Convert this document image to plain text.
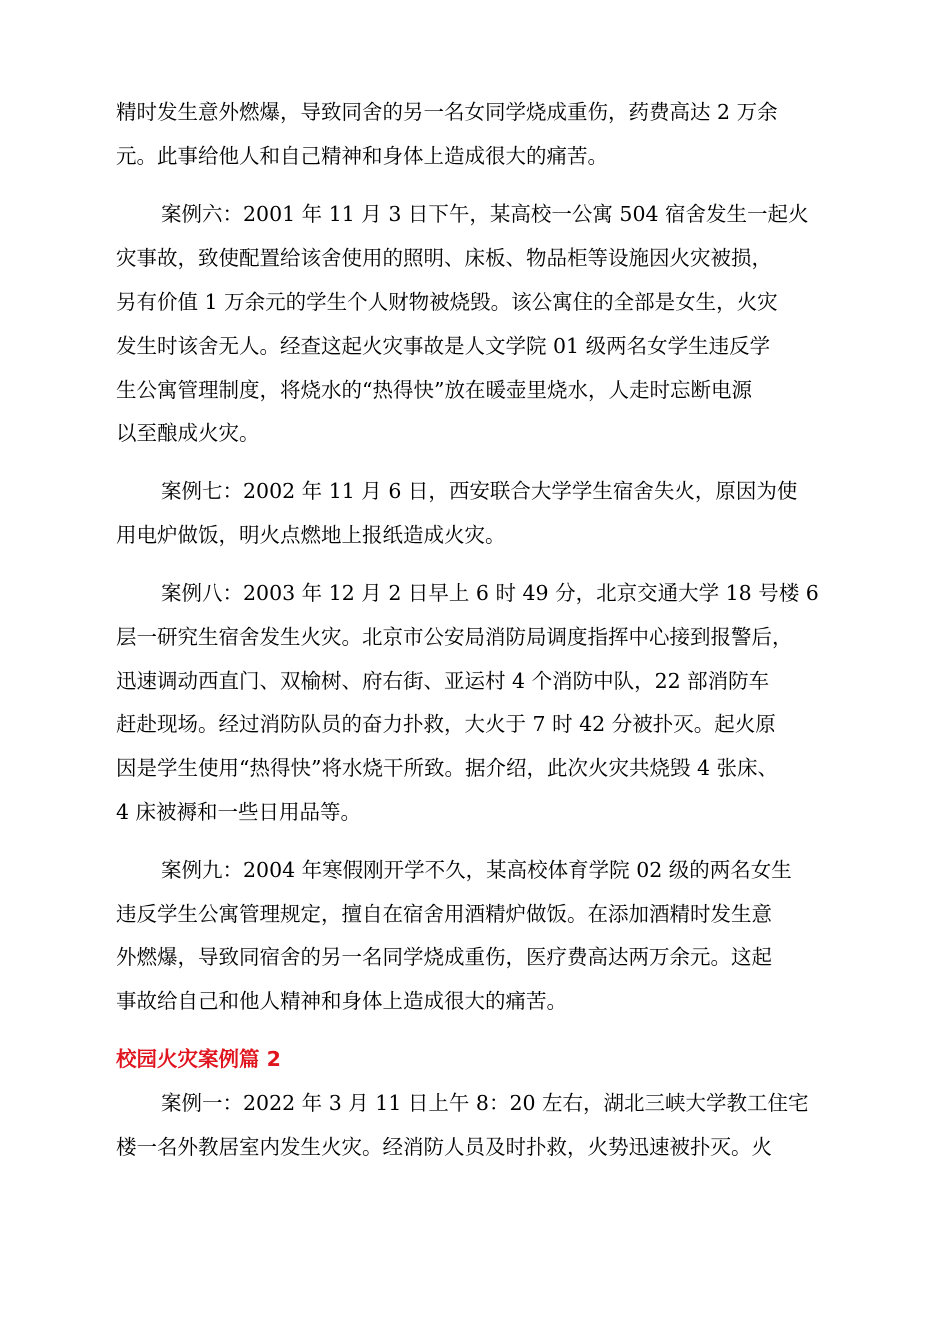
精时发生意外燃爆，导致同舍的另一名女同学烧成重伤，药费高达 2 万余

元。此事给他人和自己精神和身体上造成很大的痛苦。

案例六：2001 年 11 月 3 日下午，某高校一公寓 504 宿舍发生一起火

灾事故，致使配置给该舍使用的照明、床板、物品柜等设施因火灾被损，

另有价值 1 万余元的学生个人财物被烧毁。该公寓住的全部是女生，火灾

发生时该舍无人。经查这起火灾事故是人文学院 01 级两名女学生违反学

生公寓管理制度，将烧水的“热得快”放在暖壶里烧水，人走时忘断电源

以至酿成火灾。

案例七：2002 年 11 月 6 日，西安联合大学学生宿舍失火，原因为使

用电炉做饭，明火点燃地上报纸造成火灾。

案例八：2003 年 12 月 2 日早上 6 时 49 分，北京交通大学 18 号楼 6

层一研究生宿舍发生火灾。北京市公安局消防局调度指挥中心接到报警后，

迅速调动西直门、双榆树、府右街、亚运村 4 个消防中队，22 部消防车

赶赴现场。经过消防队员的奋力扑救，大火于 7 时 42 分被扑灭。起火原

因是学生使用“热得快”将水烧干所致。据介绍，此次火灾共烧毁 4 张床、

4 床被褥和一些日用品等。

案例九：2004 年寒假刚开学不久，某高校体育学院 02 级的两名女生

违反学生公寓管理规定，擅自在宿舍用酒精炉做饭。在添加酒精时发生意

外燃爆，导致同宿舍的另一名同学烧成重伤，医疗费高达两万余元。这起

事故给自己和他人精神和身体上造成很大的痛苦。

校园火灾案例篇 2

案例一：2022 年 3 月 11 日上午 8：20 左右，湖北三峡大学教工住宅

楼一名外教居室内发生火灾。经消防人员及时扑救，火势迅速被扑灭。火
